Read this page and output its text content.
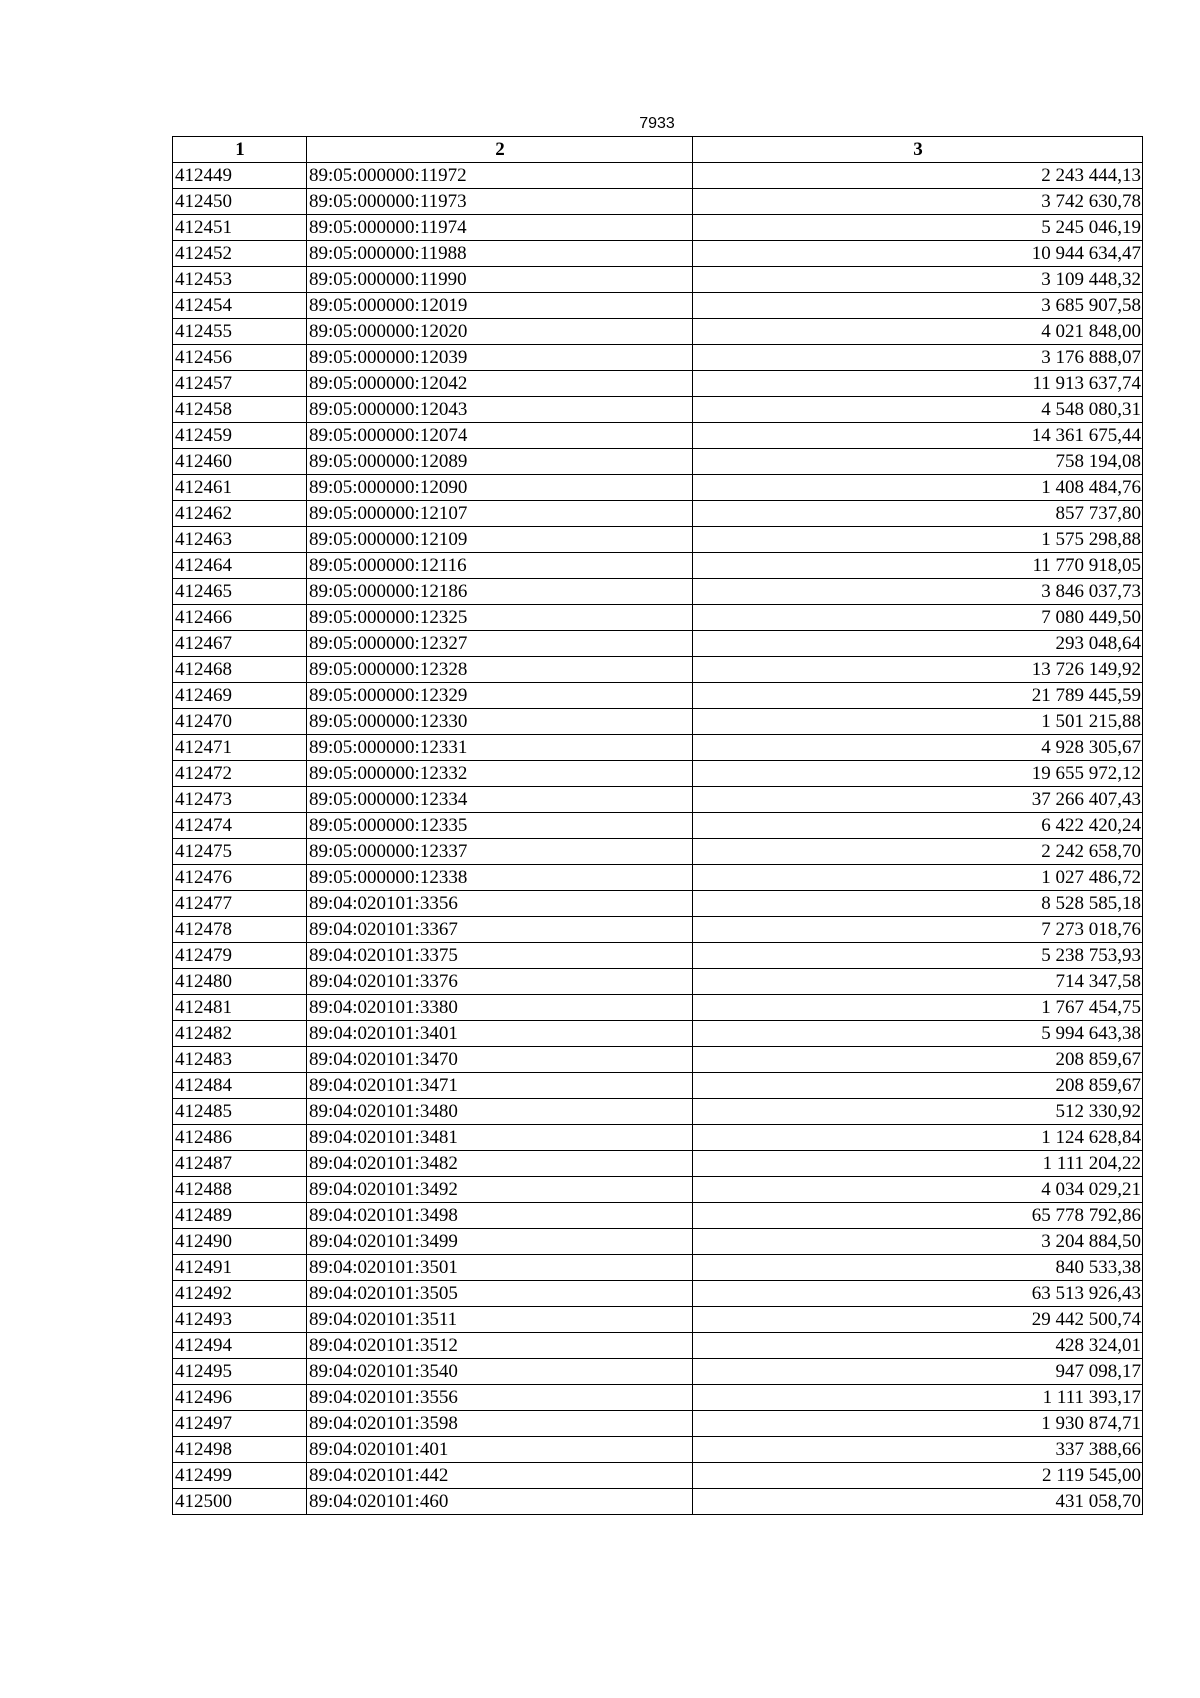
7933
1	2	3
412449	89:05:000000:11972	2 243 444,13
412450	89:05:000000:11973	3 742 630,78
412451	89:05:000000:11974	5 245 046,19
412452	89:05:000000:11988	10 944 634,47
412453	89:05:000000:11990	3 109 448,32
412454	89:05:000000:12019	3 685 907,58
412455	89:05:000000:12020	4 021 848,00
412456	89:05:000000:12039	3 176 888,07
412457	89:05:000000:12042	11 913 637,74
412458	89:05:000000:12043	4 548 080,31
412459	89:05:000000:12074	14 361 675,44
412460	89:05:000000:12089	758 194,08
412461	89:05:000000:12090	1 408 484,76
412462	89:05:000000:12107	857 737,80
412463	89:05:000000:12109	1 575 298,88
412464	89:05:000000:12116	11 770 918,05
412465	89:05:000000:12186	3 846 037,73
412466	89:05:000000:12325	7 080 449,50
412467	89:05:000000:12327	293 048,64
412468	89:05:000000:12328	13 726 149,92
412469	89:05:000000:12329	21 789 445,59
412470	89:05:000000:12330	1 501 215,88
412471	89:05:000000:12331	4 928 305,67
412472	89:05:000000:12332	19 655 972,12
412473	89:05:000000:12334	37 266 407,43
412474	89:05:000000:12335	6 422 420,24
412475	89:05:000000:12337	2 242 658,70
412476	89:05:000000:12338	1 027 486,72
412477	89:04:020101:3356	8 528 585,18
412478	89:04:020101:3367	7 273 018,76
412479	89:04:020101:3375	5 238 753,93
412480	89:04:020101:3376	714 347,58
412481	89:04:020101:3380	1 767 454,75
412482	89:04:020101:3401	5 994 643,38
412483	89:04:020101:3470	208 859,67
412484	89:04:020101:3471	208 859,67
412485	89:04:020101:3480	512 330,92
412486	89:04:020101:3481	1 124 628,84
412487	89:04:020101:3482	1 111 204,22
412488	89:04:020101:3492	4 034 029,21
412489	89:04:020101:3498	65 778 792,86
412490	89:04:020101:3499	3 204 884,50
412491	89:04:020101:3501	840 533,38
412492	89:04:020101:3505	63 513 926,43
412493	89:04:020101:3511	29 442 500,74
412494	89:04:020101:3512	428 324,01
412495	89:04:020101:3540	947 098,17
412496	89:04:020101:3556	1 111 393,17
412497	89:04:020101:3598	1 930 874,71
412498	89:04:020101:401	337 388,66
412499	89:04:020101:442	2 119 545,00
412500	89:04:020101:460	431 058,70
